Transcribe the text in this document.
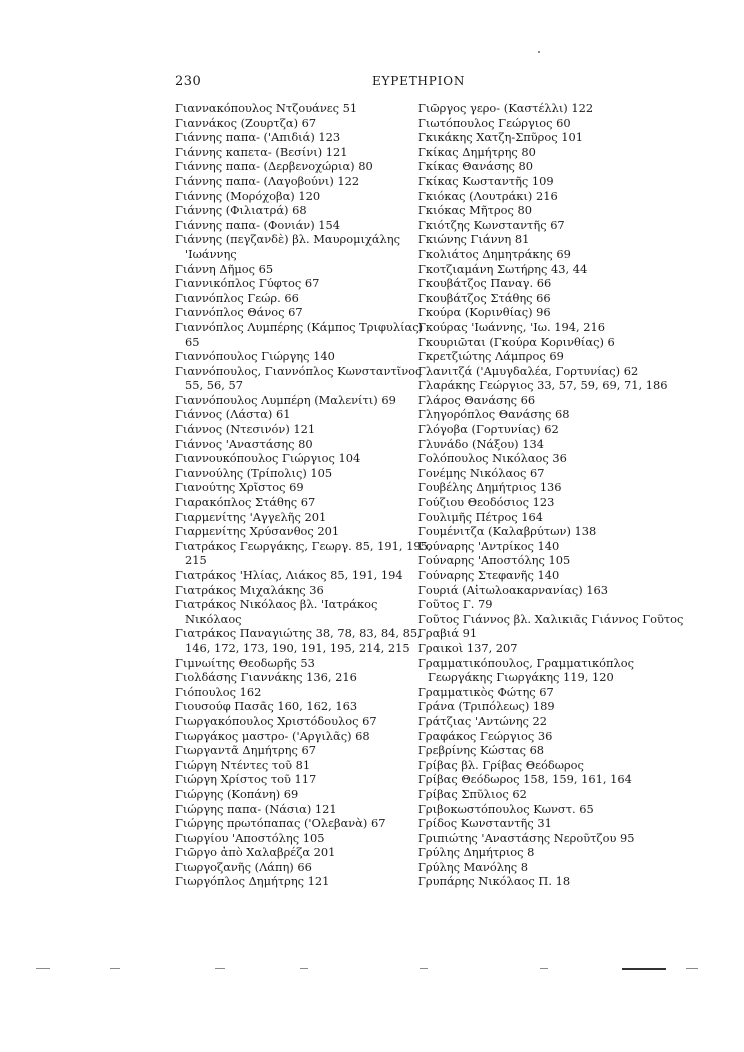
230	ΕΥΡΕΤΗΡΙΟΝ
Γιαννακόπουλος Ντζουάνες 51
Γιαννάκος (Ζουρτζα) 67
Γιάννης παπα- ('Απιδιά) 123
Γιάννης καπετα- (Βεσίνι) 121
Γιάννης παπα- (Δερβενοχώρια) 80
Γιάννης παπα- (Λαγοβούνι) 122
Γιάννης (Μορόχοβα) 120
Γιάννης (Φιλιατρά) 68
Γιάννης παπα- (Φονιάν) 154
Γιάννης (πεγζανδὲ) βλ. Μαυρομιχάλης 'Ιωάννης
Γιάννη Δῆμος 65
Γιαννικόπλος Γύφτος 67
Γιαννόπλος Γεώρ. 66
Γιαννόπλος Θάνος 67
Γιαννόπλος Λυμπέρης (Κάμπος Τριφυλίας) 65
Γιαννόπουλος Γιώργης 140
Γιαννόπουλος, Γιαννόπλος Κωνσταντῖνος 55, 56, 57
Γιαννόπουλος Λυμπέρη (Μαλενίτι) 69
Γιάννος (Λάστα) 61
Γιάννος (Ντεσινόν) 121
Γιάννος 'Αναστάσης 80
Γιαννουκόπουλος Γιώργιος 104
Γιαννούλης (Τρίπολις) 105
Γιανούτης Χρῖστος 69
Γιαρακόπλος Στάθης 67
Γιαρμενίτης 'Αγγελῆς 201
Γιαρμενίτης Χρύσανθος 201
Γιατράκος Γεωργάκης, Γεωργ. 85, 191, 195, 215
Γιατράκος 'Ηλίας, Λιάκος 85, 191, 194
Γιατράκος Μιχαλάκης 36
Γιατράκος Νικόλαος βλ. 'Ιατράκος Νικόλαος
Γιατράκος Παναγιώτης 38, 78, 83, 84, 85, 146, 172, 173, 190, 191, 195, 214, 215
Γιμνωίτης Θεοδωρῆς 53
Γιολδάσης Γιαννάκης 136, 216
Γιόπουλος 162
Γιουσούφ Πασᾶς 160, 162, 163
Γιωργακόπουλος Χριστόδουλος 67
Γιωργάκος μαστρο- ('Αργιλᾶς) 68
Γιωργαντᾶ Δημήτρης 67
Γιώργη Ντέντες τοῦ 81
Γιώργη Χρίστος τοῦ 117
Γιώργης (Κοπάνη) 69
Γιώργης παπα- (Νάσια) 121
Γιώργης πρωτόπαπας ('Ολεβανὰ) 67
Γιωργίου 'Αποστόλης 105
Γιῶργο ἀπὸ Χαλαβρέζα 201
Γιωργοζανῆς (Λάπη) 66
Γιωργόπλος Δημήτρης 121
Γιῶργος γερο- (Καστέλλι) 122
Γιωτόπουλος Γεώργιος 60
Γκικάκης Χατζη-Σπῦρος 101
Γκίκας Δημήτρης 80
Γκίκας Θανάσης 80
Γκίκας Κωσταντῆς 109
Γκιόκας (Λουτράκι) 216
Γκιόκας Μῆτρος 80
Γκιότζης Κωνσταντῆς 67
Γκιώνης Γιάννη 81
Γκολιάτος Δημητράκης 69
Γκοτζιαμάνη Σωτήρης 43, 44
Γκουβάτζος Παναγ. 66
Γκουβάτζος Στάθης 66
Γκούρα (Κορινθίας) 96
Γκούρας 'Ιωάννης, 'Ιω. 194, 216
Γκουριῶται (Γκούρα Κορινθίας) 6
Γκρετζιώτης Λάμπρος 69
Γλανιτζά ('Αμυγδαλέα, Γορτυνίας) 62
Γλαράκης Γεώργιος 33, 57, 59, 69, 71, 186
Γλάρος Θανάσης 66
Γληγορόπλος Θανάσης 68
Γλόγοβα (Γορτυνίας) 62
Γλυνάδο (Νάξου) 134
Γολόπουλος Νικόλαος 36
Γονέμης Νικόλαος 67
Γουβέλης Δημήτριος 136
Γούζιου Θεοδόσιος 123
Γουλιμῆς Πέτρος 164
Γουμένιτζα (Καλαβρύτων) 138
Γούναρης 'Αντρίκος 140
Γούναρης 'Αποστόλης 105
Γούναρης Στεφανῆς 140
Γουριά (Αἰτωλοακαρνανίας) 163
Γοῦτος Γ. 79
Γοῦτος Γιάννος βλ. Χαλικιᾶς Γιάννος Γοῦτος
Γραβιά 91
Γραικοὶ 137, 207
Γραμματικόπουλος, Γραμματικόπλος Γεωργάκης Γιωργάκης 119, 120
Γραμματικὸς Φώτης 67
Γράνα (Τριπόλεως) 189
Γράτζιας 'Αντώνης 22
Γραφάκος Γεώργιος 36
Γρεβρίνης Κώστας 68
Γρίβας βλ. Γρίβας Θεόδωρος
Γρίβας Θεόδωρος 158, 159, 161, 164
Γρίβας Σπῦλιος 62
Γριβοκωστόπουλος Κωνστ. 65
Γρίδος Κωνσταντῆς 31
Γριπιώτης 'Αναστάσης Νεροῦτζου 95
Γρύλης Δημήτριος 8
Γρύλης Μανόλης 8
Γρυπάρης Νικόλαος Π. 18
